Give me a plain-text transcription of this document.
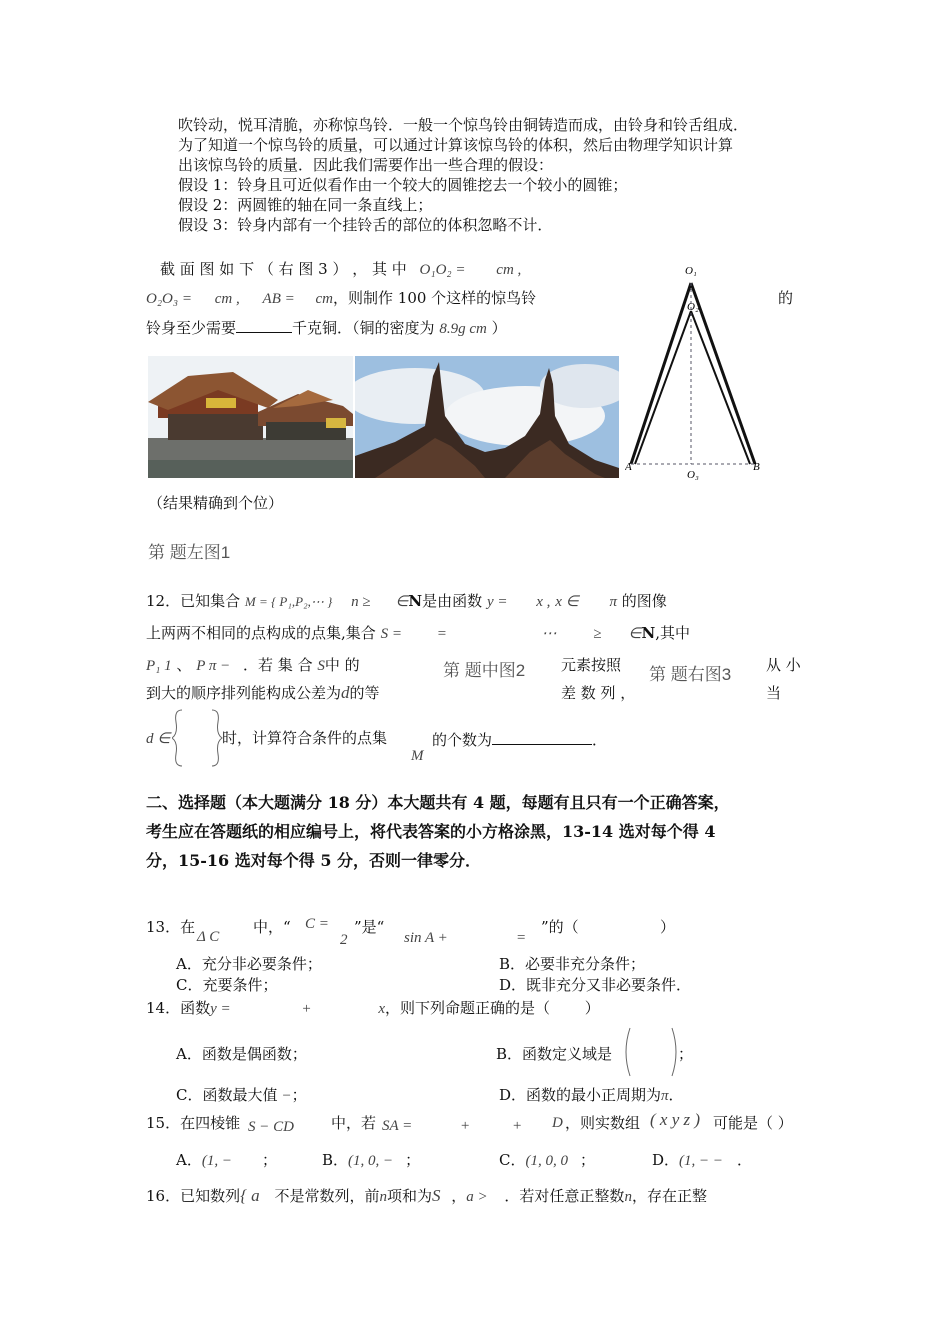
吹铃动，悦耳清脆，亦称惊鸟铃．一般一个惊鸟铃由铜铸造而成，由铃身和铃舌组成．
为了知道一个惊鸟铃的质量，可以通过计算该惊鸟铃的体积，然后由物理学知识计算
出该惊鸟铃的质量．因此我们需要作出一些合理的假设：
假设 1：铃身且可近似看作由一个较大的圆锥挖去一个较小的圆锥；
假设 2：两圆锥的轴在同一条直线上；
假设 3：铃身内部有一个挂铃舌的部位的体积忽略不计．
截 面 图 如 下 （ 右 图 3 ） ， 其 中 O₁O₂ = cm ,
O₂O₃ = cm , AB = cm，则制作 100 个这样的惊鸟铃	的
铃身至少需要	千克铜．（铜的密度为 8.9g cm ）
O₁
O₂
A
O₃
B
（结果精确到个位）
第 题左图1
12．已知集合 M = { P₁,P₂,⋯ } n ≥ ∈N是由函数 y = x , x ∈ π 的图像
上两两不相同的点构成的点集,集合 S = =	⋯ ≥ ∈N,其中
P₁ 1 、 P π − ．若 集 合 S中 的	第 题中图2 元素按照 第 题右图3 从 小
到大的顺序排列能构成公差为d的等	差 数 列 ，	当
d ∈	时，计算符合条件的点集
M
的个数为	．
二、选择题（本大题满分 18 分）本大题共有 4 题，每题有且只有一个正确答案，
考生应在答题纸的相应编号上，将代表答案的小方格涂黑，13-14 选对每个得 4
分，15-16 选对每个得 5 分，否则一律零分．
13．在
Δ C
中，“ C =
2
”是“
sin A +	=
”的（	）
A．充分非必要条件；	B．必要非充分条件；
C．充要条件；	D．既非充分又非必要条件．
14．函数y =	+	x，则下列命题正确的是（ ）
A．函数是偶函数；	B．函数定义域是	；
C．函数最大值 −；	D．函数的最小正周期为π．
15．在四棱锥 S − CD 中，若 SA =	+	+ D ，则实数组 ( x y z ) 可能是（ ）
A．(1, − ；	B．(1, 0, − ；	C．(1, 0, 0 ；	D．(1, − − ．
16．已知数列{ a 不是常数列，前n项和为S ，a > ．若对任意正整数n，存在正整
